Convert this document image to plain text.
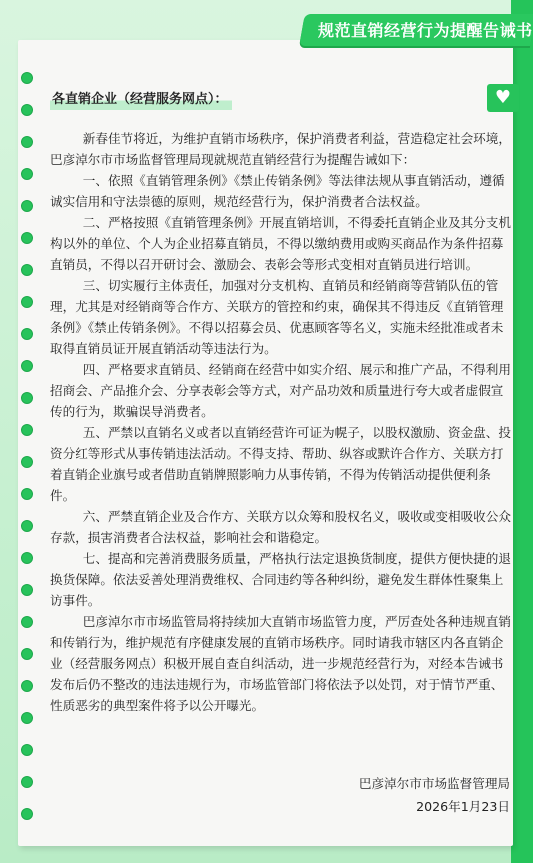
规范直销经营行为提醒告诫书
♥
各直销企业（经营服务网点）：

新春佳节将近，为维护直销市场秩序，保护消费者利益，营造稳定社会环境，巴彦淖尔市市场监督管理局现就规范直销经营行为提醒告诫如下：

一、依照《直销管理条例》《禁止传销条例》等法律法规从事直销活动，遵循诚实信用和守法崇德的原则，规范经营行为，保护消费者合法权益。

二、严格按照《直销管理条例》开展直销培训，不得委托直销企业及其分支机构以外的单位、个人为企业招募直销员，不得以缴纳费用或购买商品作为条件招募直销员，不得以召开研讨会、激励会、表彰会等形式变相对直销员进行培训。

三、切实履行主体责任，加强对分支机构、直销员和经销商等营销队伍的管理，尤其是对经销商等合作方、关联方的管控和约束，确保其不得违反《直销管理条例》《禁止传销条例》。不得以招募会员、优惠顾客等名义，实施未经批准或者未取得直销员证开展直销活动等违法行为。

四、严格要求直销员、经销商在经营中如实介绍、展示和推广产品，不得利用招商会、产品推介会、分享表彰会等方式，对产品功效和质量进行夸大或者虚假宣传的行为，欺骗误导消费者。

五、严禁以直销名义或者以直销经营许可证为幌子，以股权激励、资金盘、投资分红等形式从事传销违法活动。不得支持、帮助、纵容或默许合作方、关联方打着直销企业旗号或者借助直销牌照影响力从事传销，不得为传销活动提供便利条件。

六、严禁直销企业及合作方、关联方以众筹和股权名义，吸收或变相吸收公众存款，损害消费者合法权益，影响社会和谐稳定。

七、提高和完善消费服务质量，严格执行法定退换货制度，提供方便快捷的退换货保障。依法妥善处理消费维权、合同违约等各种纠纷，避免发生群体性聚集上访事件。

巴彦淖尔市市场监管局将持续加大直销市场监管力度，严厉查处各种违规直销和传销行为，维护规范有序健康发展的直销市场秩序。同时请我市辖区内各直销企业（经营服务网点）积极开展自查自纠活动，进一步规范经营行为，对经本告诫书发布后仍不整改的违法违规行为，市场监管部门将依法予以处罚，对于情节严重、性质恶劣的典型案件将予以公开曝光。

巴彦淖尔市市场监督管理局
2026年1月23日
